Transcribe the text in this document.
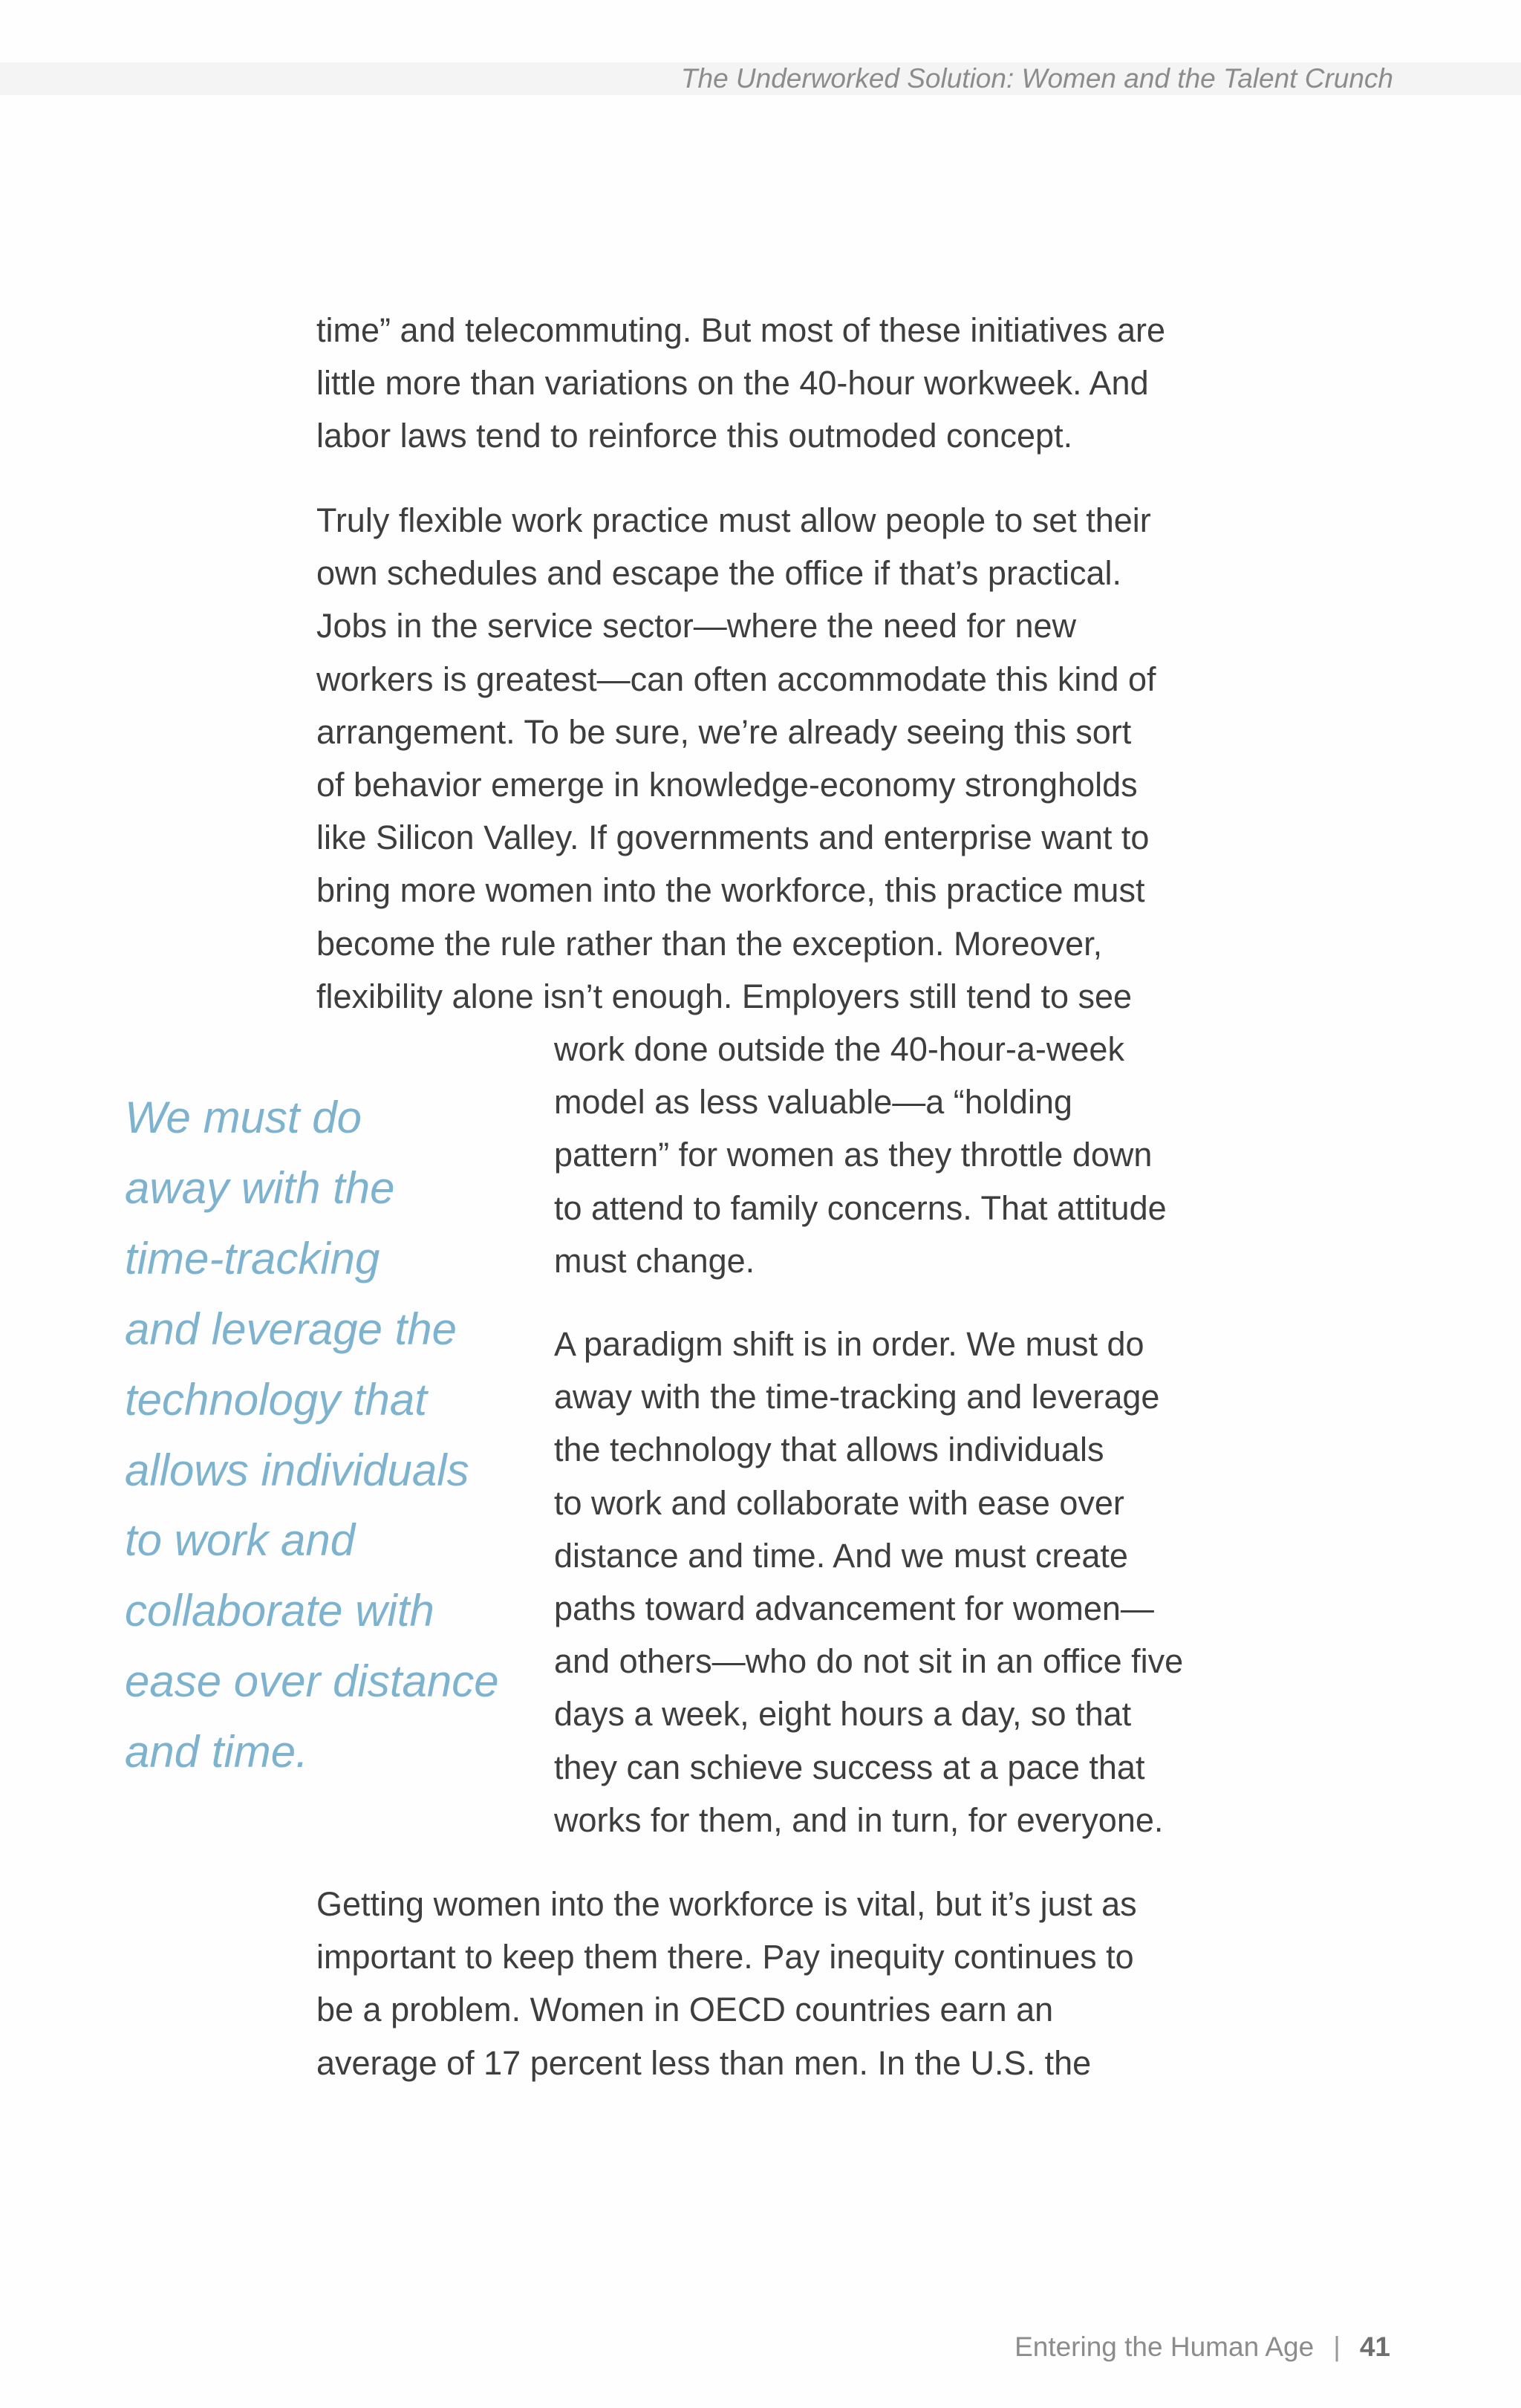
The Underworked Solution: Women and the Talent Crunch

time” and telecommuting. But most of these initiatives are
little more than variations on the 40-hour workweek. And
labor laws tend to reinforce this outmoded concept.

Truly flexible work practice must allow people to set their
own schedules and escape the office if that’s practical.
Jobs in the service sector—where the need for new
workers is greatest—can often accommodate this kind of
arrangement. To be sure, we’re already seeing this sort
of behavior emerge in knowledge-economy strongholds
like Silicon Valley. If governments and enterprise want to
bring more women into the workforce, this practice must
become the rule rather than the exception. Moreover,
flexibility alone isn’t enough. Employers still tend to see

work done outside the 40-hour-a-week
model as less valuable—a “holding
pattern” for women as they throttle down
to attend to family concerns. That attitude
must change.

A paradigm shift is in order. We must do
away with the time-tracking and leverage
the technology that allows individuals
to work and collaborate with ease over
distance and time. And we must create
paths toward advancement for women—
and others—who do not sit in an office five
days a week, eight hours a day, so that
they can schieve success at a pace that
works for them, and in turn, for everyone.

Getting women into the workforce is vital, but it’s just as
important to keep them there. Pay inequity continues to
be a problem. Women in OECD countries earn an
average of 17 percent less than men. In the U.S. the

We must do
away with the
time-tracking
and leverage the
technology that
allows individuals
to work and
collaborate with
ease over distance
and time.

Entering the Human Age | 41
